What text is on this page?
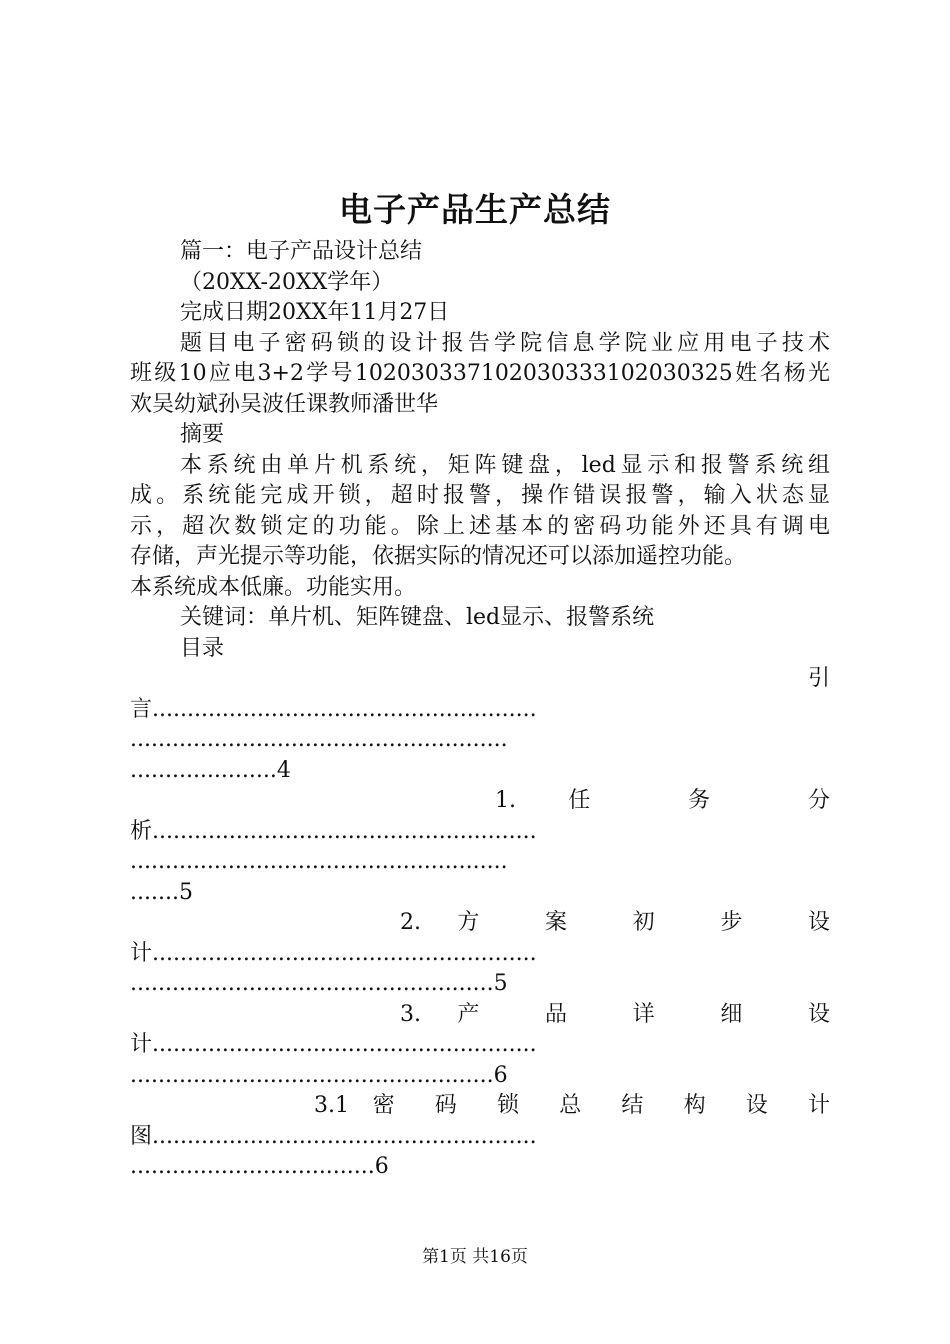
电子产品生产总结
篇一：电子产品设计总结
（20XX-20XX学年）
完成日期20XX年11月27日
题目电子密码锁的设计报告学院信息学院业应用电子技术
班级10应电3+2学号102030337102030333102030325姓名杨光
欢吴幼斌孙吴波任课教师潘世华
摘要
本系统由单片机系统，矩阵键盘，led显示和报警系统组
成。系统能完成开锁，超时报警，操作错误报警，输入状态显
示，超次数锁定的功能。除上述基本的密码功能外还具有调电
存储，声光提示等功能，依据实际的情况还可以添加遥控功能。
本系统成本低廉。功能实用。
关键词：单片机、矩阵键盘、led显示、报警系统
目录
引
言.......................................................
......................................................
.....................4
1. 任 务 分
析.......................................................
......................................................
.......5
2. 方 案 初 步 设
计.......................................................
....................................................5
3. 产 品 详 细 设
计.......................................................
....................................................6
3.1 密 码 锁 总 结 构 设 计
图.......................................................
...................................6
第1页 共16页
